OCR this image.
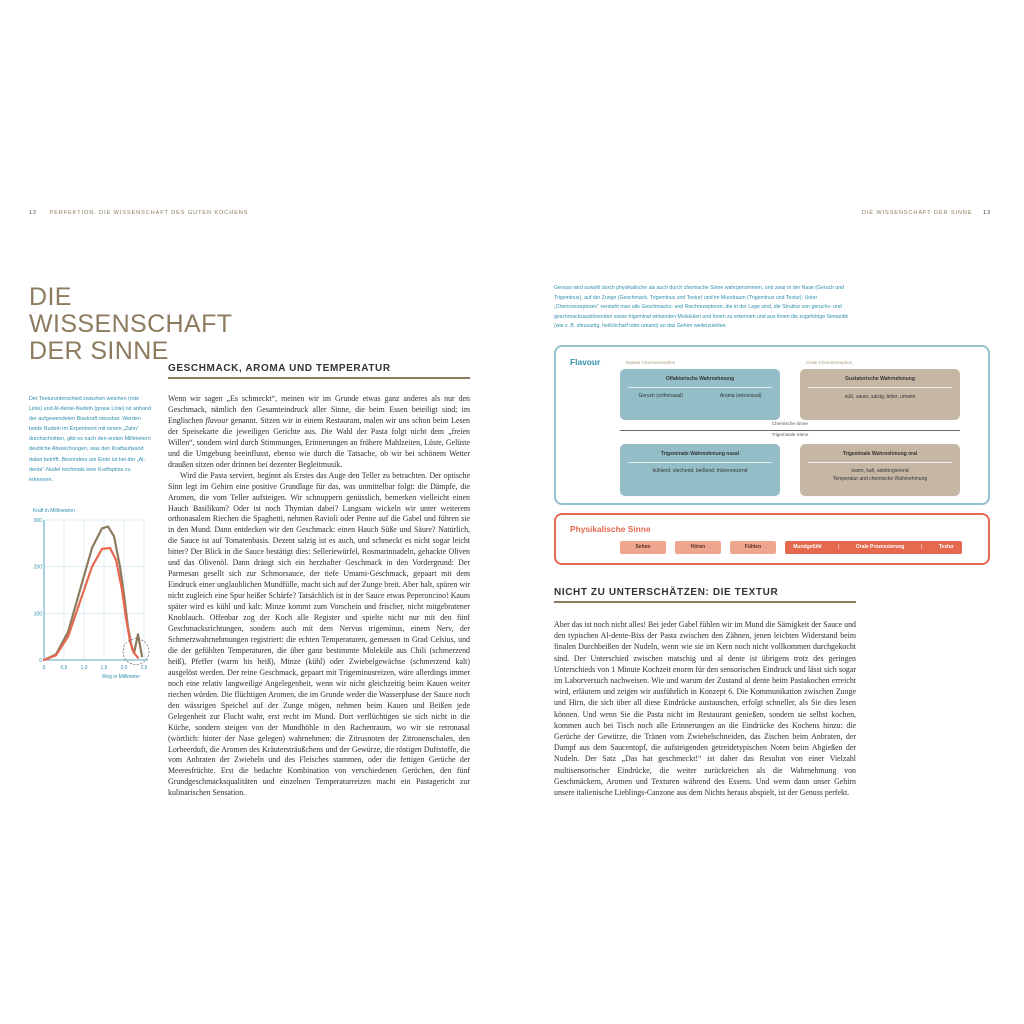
12 PERFEKTION. DIE WISSENSCHAFT DES GUTEN KOCHENS	DIE WISSENSCHAFT DER SINNE 13
DIE WISSENSCHAFT
DER SINNE
GESCHMACK, AROMA UND TEMPERATUR
Der Texturunterschied zwischen weichen (rote Linie) und Al-dente-Nudeln (graue Linie) ist anhand der aufgewendeten Bisskraft messbar. Werden beide Nudeln im Experiment mit einem „Zahn“ durchschnitten, gibt es nach den ersten Millimetern deutliche Abweichungen, was den Kraftaufwand dabei betrifft. Besonders am Ende ist bei der „Al-dente“-Nudel nochmals eine Kraftspitze zu erkennen.
Kraft in Millinewton
0
100
200
300
0	0,5	1,0	1,5	2,0	2,5
Weg in Millimeter

Wenn wir sagen „Es schmeckt“, meinen wir im Grunde etwas ganz anderes als nur den Geschmack, nämlich den Gesamteindruck aller Sinne, die beim Essen beteiligt sind; im Englischen flavour genannt. Sitzen wir in einem Restaurant, malen wir uns schon beim Lesen der Speisekarte die jeweiligen Gerichte aus. Die Wahl der Pasta folgt nicht dem „freien Willen“, sondern wird durch Stimmungen, Erinnerungen an frühere Mahlzeiten, Lüste, Gelüste und die Umgebung beeinflusst, ebenso wie durch die Tatsache, ob wir bei schönem Wetter draußen sitzen oder drinnen bei dezenter Begleitmusik.

Wird die Pasta serviert, beginnt als Erstes das Auge den Teller zu betrachten. Der optische Sinn legt im Gehirn eine positive Grundlage für das, was unmittelbar folgt: die Dämpfe, die Aromen, die vom Teller aufsteigen. Wir schnuppern genüsslich, bemerken vielleicht einen Hauch Basilikum? Oder ist noch Thymian dabei? Langsam wickeln wir unter weiterem orthonasalem Riechen die Spaghetti, nehmen Ravioli oder Penne auf die Gabel und führen sie in den Mund. Dann entdecken wir den Geschmack: einen Hauch Süße und Säure? Natürlich, die Sauce ist auf Tomatenbasis. Dezent salzig ist es auch, und schmeckt es nicht sogar leicht bitter? Der Blick in die Sauce bestätigt dies: Selleriewürfel, Rosmarinnadeln, gehackte Oliven und das Olivenöl. Dann drängt sich ein herzhafter Geschmack in den Vordergrund: Der Parmesan gesellt sich zur Schmorsauce, der tiefe Umami-Geschmack, gepaart mit dem Eindruck einer unglaublichen Mundfülle, macht sich auf der Zunge breit. Aber halt, spüren wir nicht zugleich eine Spur heißer Schärfe? Tatsächlich ist in der Sauce etwas Peperoncino! Kaum später wird es kühl und kalt: Minze kommt zum Vorschein und frischer, nicht mitgebratener Knoblauch. Offenbar zog der Koch alle Register und spielte nicht nur mit den fünf Geschmacksrichtungen, sondern auch mit dem Nervus trigeminus, einem Nerv, der Schmerzwahrnehmungen registriert: die echten Temperaturen, gemessen in Grad Celsius, und die der gefühlten Temperaturen, die über ganz bestimmte Moleküle aus Chili (schmerzend heiß), Pfeffer (warm bis heiß), Minze (kühl) oder Zwiebelgewächse (schmerzend kalt) ausgelöst werden. Der reine Geschmack, gepaart mit Trigeminusreizen, wäre allerdings immer noch eine relativ langweilige Angelegenheit, wenn wir nicht gleichzeitig beim Kauen weiter riechen würden. Die flüchtigen Aromen, die im Grunde weder die Wasserphase der Sauce noch den wässrigen Speichel auf der Zunge mögen, nehmen beim Kauen und Beißen jede Gelegenheit zur Flucht wahr, erst recht im Mund. Dort verflüchtigen sie sich nicht in die Küche, sondern steigen von der Mundhöhle in den Rachenraum, wo wir sie retronasal (wörtlich: hinter der Nase gelegen) wahrnehmen: die Zitrusnoten der Zitronenschalen, den Lorbeerduft, die Aromen des Kräutersträußchens und der Gewürze, die röstigen Duftstoffe, die vom Anbraten der Zwiebeln und des Fleisches stammen, oder die fettigen Gerüche der Meeresfrüchte. Erst die bedachte Kombination von verschiedenen Gerüchen, den fünf Grundgeschmacksqualitäten und einzelnen Temperaturreizen macht ein Pastagericht zur kulinarischen Sensation.

Genuss wird sowohl durch physikalische als auch durch chemische Sinne wahrgenommen, und zwar in der Nase (Geruch und Trigeminus), auf der Zunge (Geschmack, Trigeminus und Textur) und im Mundraum (Trigeminus und Textur). Unter „Chemorezeptoren“ versteht man alle Geschmacks- und Riechrezeptoren, die in der Lage sind, die Struktur von geruchs- und geschmacksauslösenden sowie trigeminal wirkenden Molekülen und Ionen zu erkennen und aus ihnen die zugehörige Semantik (wie z. B. zitrusartig, heiß/scharf oder umami) an das Gehirn weiterzuleiten.
Flavour	Nasale Chemorezeption	Orale Chemorezeption
Olfaktorische Wahrnehmung
Geruch (orthonasal)	Aroma (retronasal)
Gustatorische Wahrnehmung
süß, sauer, salzig, bitter, umami
Chemische Sinne
Trigeminale Sinne
Trigeminale Wahrnehmung nasal
kühlend, stechend, beißend, tränenreizend
Trigeminale Wahrnehmung oral
warm, kalt, adstringierend
Temperatur und chemische Wahrnehmung
Physikalische Sinne
Sehen	Hören	Fühlen	Mundgefühl	|	Orale Prozessierung	|	Textur
NICHT ZU UNTERSCHÄTZEN: DIE TEXTUR

Aber das ist noch nicht alles! Bei jeder Gabel fühlen wir im Mund die Sämigkeit der Sauce und den typischen Al-dente-Biss der Pasta zwischen den Zähnen, jenen leichten Widerstand beim finalen Durchbeißen der Nudeln, wenn wie sie im Kern noch nicht vollkommen durchgekocht sind. Der Unterschied zwischen matschig und al dente ist übrigens trotz des geringen Unterschieds von 1 Minute Kochzeit enorm für den sensorischen Eindruck und lässt sich sogar im Laborversuch nachweisen. Wie und warum der Zustand al dente beim Pastakochen erreicht wird, erläutern und zeigen wir ausführlich in Konzept 6. Die Kommunikation zwischen Zunge und Hirn, die sich über all diese Eindrücke austauschen, erfolgt schneller, als Sie dies lesen können. Und wenn Sie die Pasta nicht im Restaurant genießen, sondern sie selbst kochen, kommen auch bei Tisch noch alle Erinnerungen an die Eindrücke des Kochens hinzu: die Gerüche der Gewürze, die Tränen vom Zwiebelschneiden, das Zischen beim Anbraten, der Dampf aus dem Saucentopf, die aufsteigenden getreidetypischen Noten beim Abgießen der Nudeln. Der Satz „Das hat geschmeckt!“ ist daher das Resultat von einer Vielzahl multisensorischer Eindrücke, die weiter zurückreichen als die Wahrnehmung von Geschmäckern, Aromen und Texturen während des Essens. Und wenn dann unser Gehirn unsere italienische Lieblings-Canzone aus dem Nichts heraus abspielt, ist der Genuss perfekt.
